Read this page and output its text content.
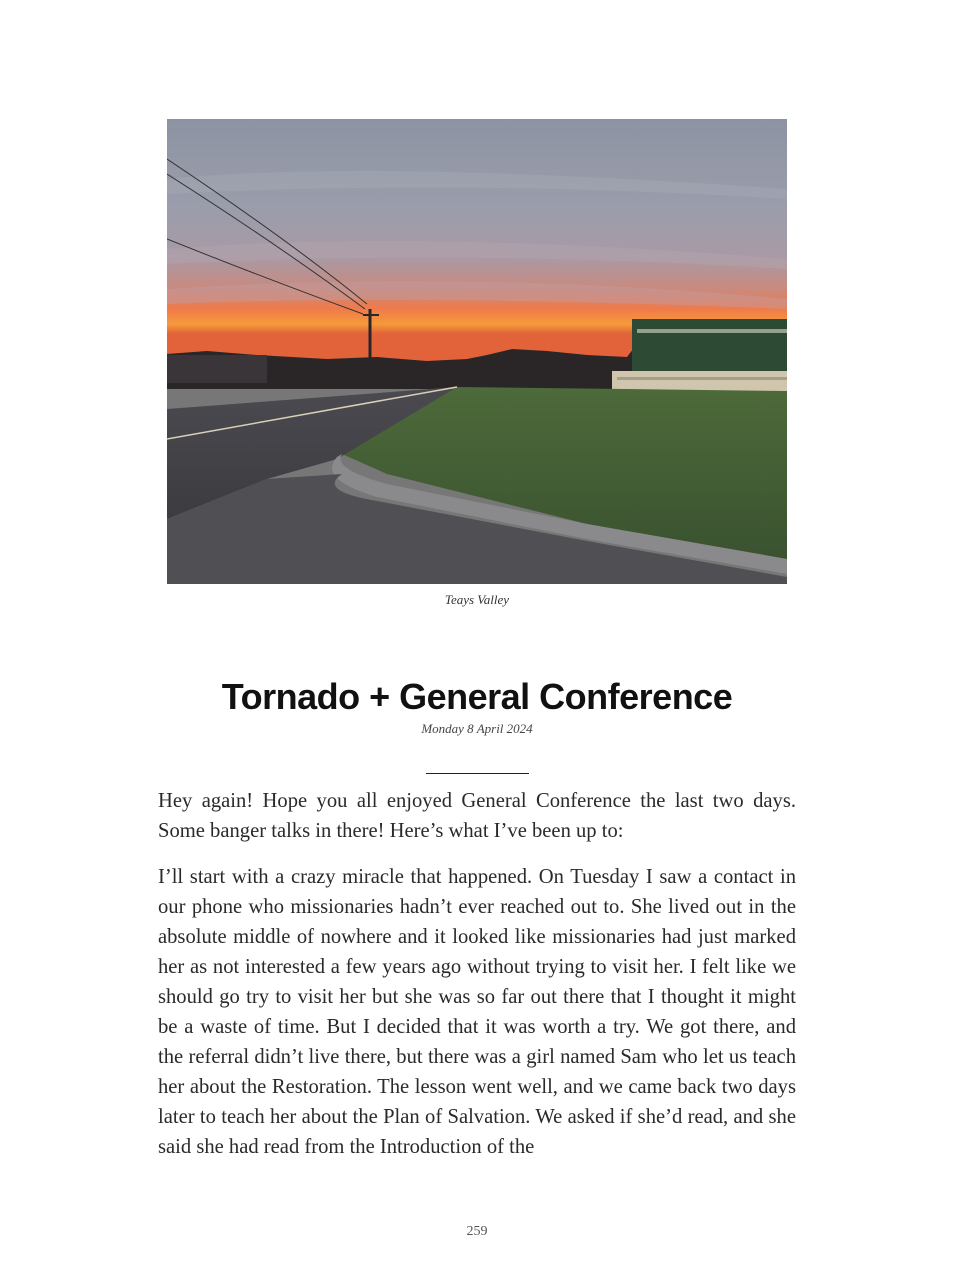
Teays Valley
Tornado + General Conference
Monday 8 April 2024

Hey again! Hope you all enjoyed General Conference the last two days. Some banger talks in there! Here’s what I’ve been up to:

I’ll start with a crazy miracle that happened. On Tuesday I saw a contact in our phone who missionaries hadn’t ever reached out to. She lived out in the absolute middle of nowhere and it looked like missionaries had just marked her as not interested a few years ago without trying to visit her. I felt like we should go try to visit her but she was so far out there that I thought it might be a waste of time. But I decided that it was worth a try. We got there, and the referral didn’t live there, but there was a girl named Sam who let us teach her about the Restoration. The lesson went well, and we came back two days later to teach her about the Plan of Salvation. We asked if she’d read, and she said she had read from the Introduction of the

259
